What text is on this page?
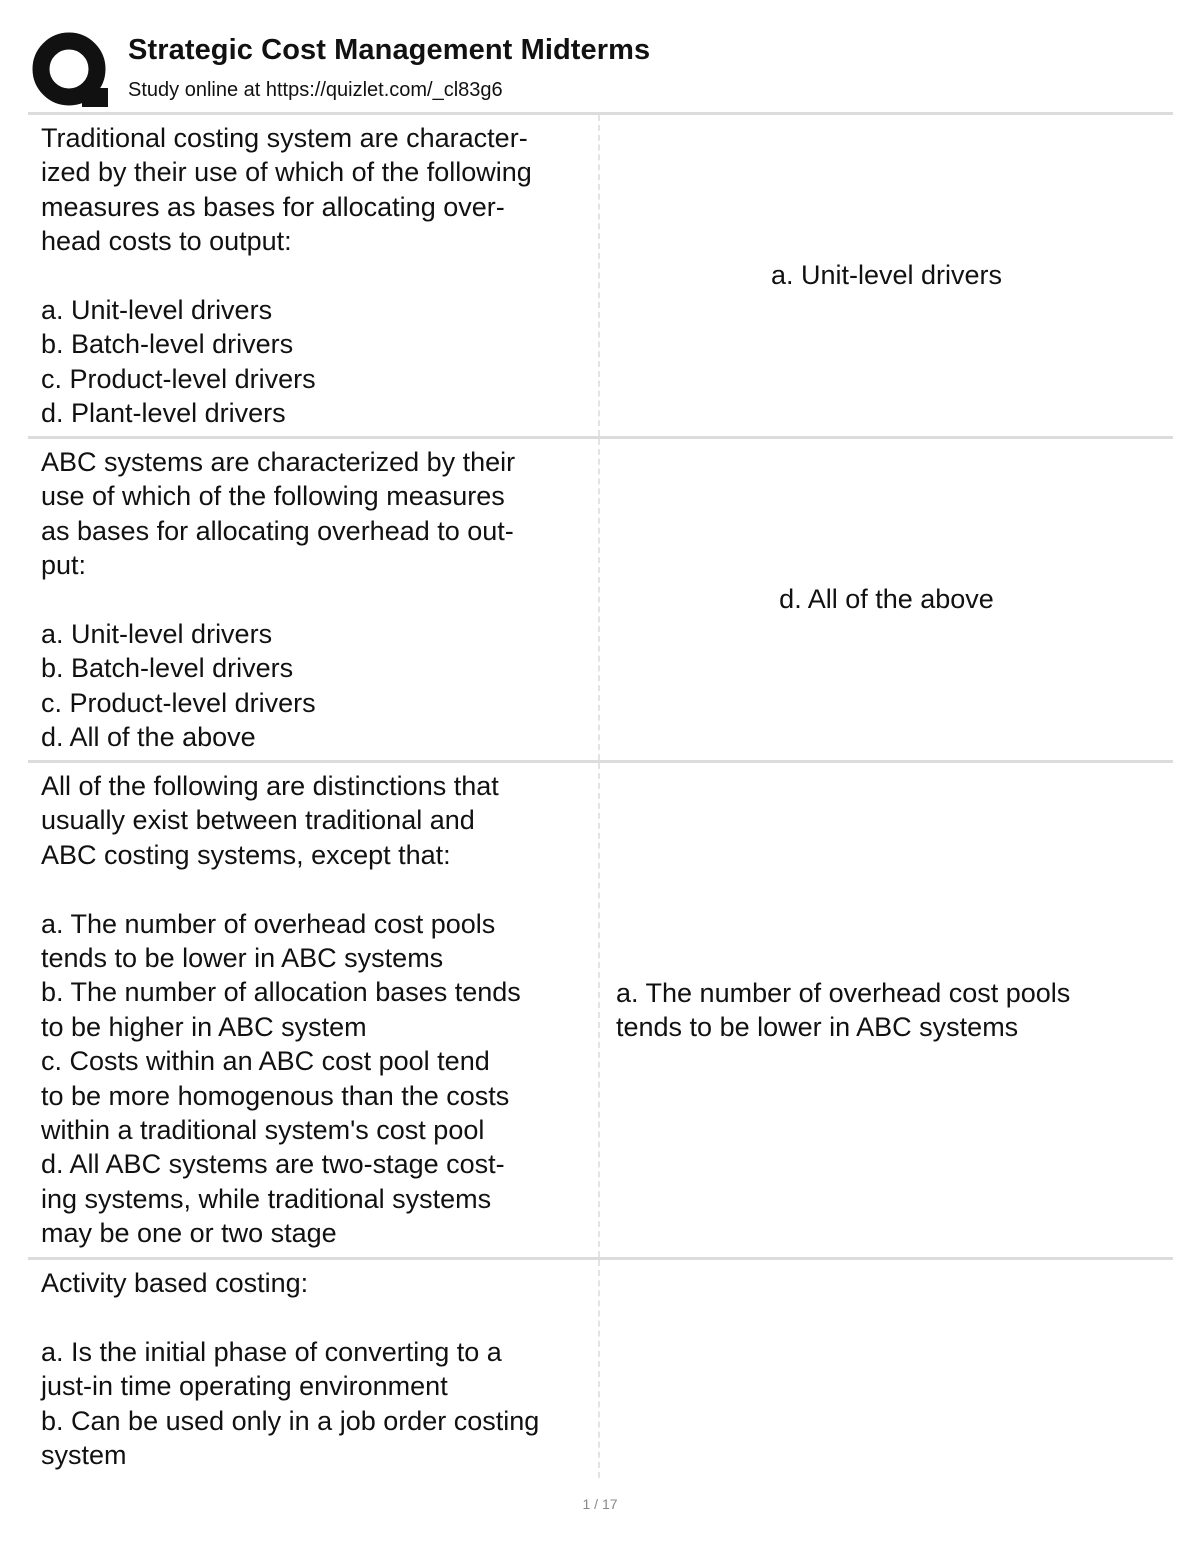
Strategic Cost Management Midterms
Study online at https://quizlet.com/_cl83g6
Traditional costing system are character-
ized by their use of which of the following
measures as bases for allocating over-
head costs to output:

a. Unit-level drivers
b. Batch-level drivers
c. Product-level drivers
d. Plant-level drivers
a. Unit-level drivers
ABC systems are characterized by their
use of which of the following measures
as bases for allocating overhead to out-
put:

a. Unit-level drivers
b. Batch-level drivers
c. Product-level drivers
d. All of the above
d. All of the above
All of the following are distinctions that
usually exist between traditional and
ABC costing systems, except that:

a. The number of overhead cost pools
tends to be lower in ABC systems
b. The number of allocation bases tends
to be higher in ABC system
c. Costs within an ABC cost pool tend
to be more homogenous than the costs
within a traditional system's cost pool
d. All ABC systems are two-stage cost-
ing systems, while traditional systems
may be one or two stage
a. The number of overhead cost pools
tends to be lower in ABC systems
Activity based costing:

a. Is the initial phase of converting to a
just-in time operating environment
b. Can be used only in a job order costing
system
1 / 17
